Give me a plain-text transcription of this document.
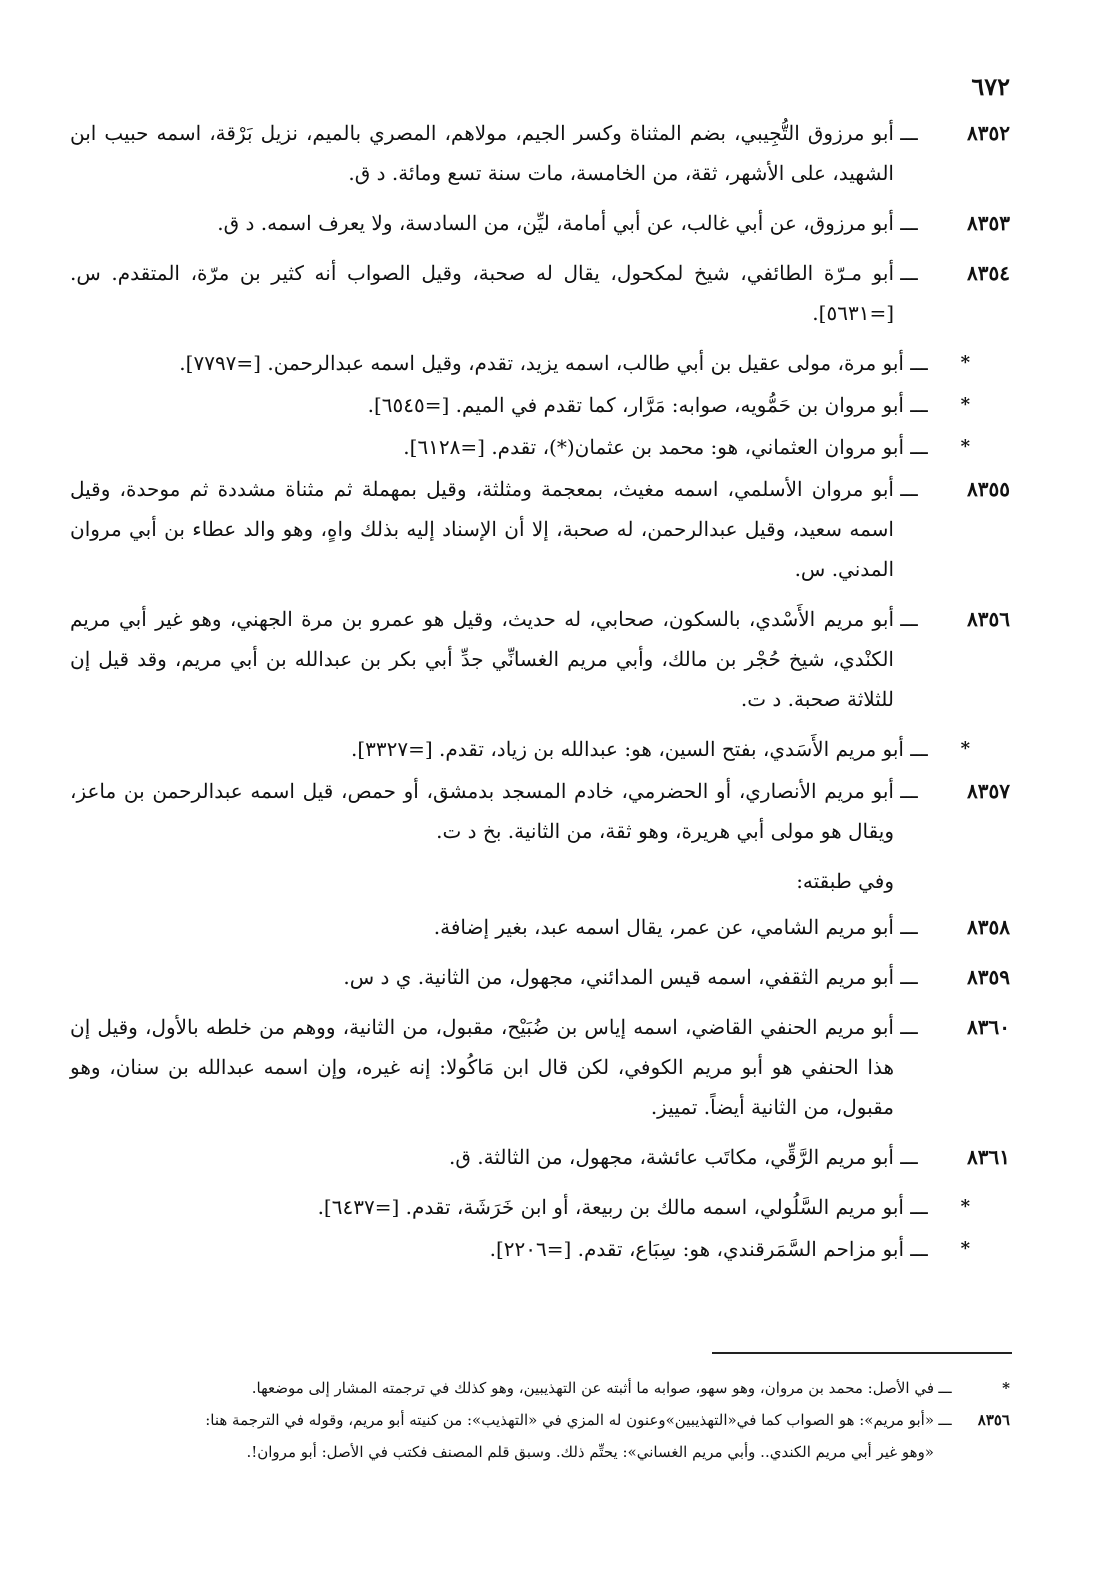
٦٧٢
٨٣٥٢
ـــ
أبو مرزوق التُّجِيبي، بضم المثناة وكسر الجيم، مولاهم، المصري بالميم، نزيل بَرْقة، اسمه حبيب ابن الشهيد، على الأشهر، ثقة، من الخامسة، مات سنة تسع ومائة. د ق.
٨٣٥٣
ـــ
أبو مرزوق، عن أبي غالب، عن أبي أمامة، ليِّن، من السادسة، ولا يعرف اسمه. د ق.
٨٣٥٤
ـــ
أبو مـرّة الطائفي، شيخ لمكحول، يقال له صحبة، وقيل الصواب أنه كثير بن مرّة، المتقدم. س. [=٥٦٣١].
*
ـــ
أبو مرة، مولى عقيل بن أبي طالب، اسمه يزيد، تقدم، وقيل اسمه عبدالرحمن. [=٧٧٩٧].
*
ـــ
أبو مروان بن حَمُّويه، صوابه: مَرَّار، كما تقدم في الميم. [=٦٥٤٥].
*
ـــ
أبو مروان العثماني، هو: محمد بن عثمان(*)، تقدم. [=٦١٢٨].
٨٣٥٥
ـــ
أبو مروان الأسلمي، اسمه مغيث، بمعجمة ومثلثة، وقيل بمهملة ثم مثناة مشددة ثم موحدة، وقيل اسمه سعيد، وقيل عبدالرحمن، له صحبة، إلا أن الإسناد إليه بذلك واهٍ، وهو والد عطاء بن أبي مروان المدني. س.
٨٣٥٦
ـــ
أبو مريم الأَسْدي، بالسكون، صحابي، له حديث، وقيل هو عمرو بن مرة الجهني، وهو غير أبي مريم الكنْدي، شيخ حُجْر بن مالك، وأبي مريم الغسانِّي جدِّ أبي بكر بن عبدالله بن أبي مريم، وقد قيل إن للثلاثة صحبة. د ت.
*
ـــ
أبو مريم الأَسَدي، بفتح السين، هو: عبدالله بن زياد، تقدم. [=٣٣٢٧].
٨٣٥٧
ـــ
أبو مريم الأنصاري، أو الحضرمي، خادم المسجد بدمشق، أو حمص، قيل اسمه عبدالرحمن بن ماعز، ويقال هو مولى أبي هريرة، وهو ثقة، من الثانية. بخ د ت.
وفي طبقته:
٨٣٥٨
ـــ
أبو مريم الشامي، عن عمر، يقال اسمه عبد، بغير إضافة.
٨٣٥٩
ـــ
أبو مريم الثقفي، اسمه قيس المدائني، مجهول، من الثانية. ي د س.
٨٣٦٠
ـــ
أبو مريم الحنفي القاضي، اسمه إياس بن ضُبَيْح، مقبول، من الثانية، ووهم من خلطه بالأول، وقيل إن هذا الحنفي هو أبو مريم الكوفي، لكن قال ابن مَاكُولا: إنه غيره، وإن اسمه عبدالله بن سنان، وهو مقبول، من الثانية أيضاً. تمييز.
٨٣٦١
ـــ
أبو مريم الرَّقِّي، مكاتَب عائشة، مجهول، من الثالثة. ق.
*
ـــ
أبو مريم السَّلُولي، اسمه مالك بن ربيعة، أو ابن خَرَشَة، تقدم. [=٦٤٣٧].
*
ـــ
أبو مزاحم السَّمَرقندي، هو: سِبَاع، تقدم. [=٢٢٠٦].
*
ـــ
في الأصل: محمد بن مروان، وهو سهو، صوابه ما أثبته عن التهذيبين، وهو كذلك في ترجمته المشار إلى موضعها.
٨٣٥٦
ـــ
«أبو مريم»: هو الصواب كما في«التهذيبين»وعنون له المزي في «التهذيب»: من كنيته أبو مريم، وقوله في الترجمة هنا:
«وهو غير أبي مريم الكندي.. وأبي مريم الغساني»: يحتِّم ذلك. وسبق قلم المصنف فكتب في الأصل: أبو مروان!.
